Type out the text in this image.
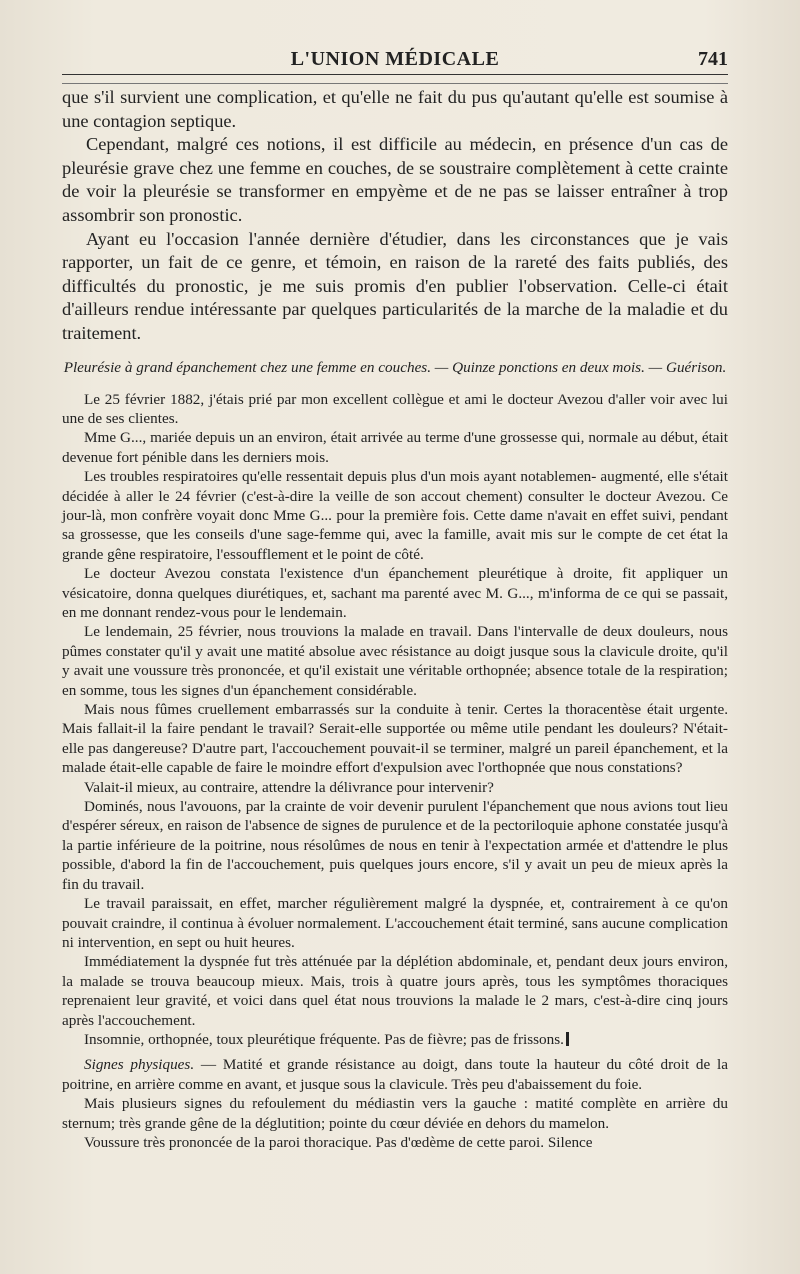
L'UNION MÉDICALE	741

que s'il survient une complication, et qu'elle ne fait du pus qu'autant qu'elle est soumise à une contagion septique.

Cependant, malgré ces notions, il est difficile au médecin, en présence d'un cas de pleurésie grave chez une femme en couches, de se soustraire complètement à cette crainte de voir la pleurésie se transformer en empyème et de ne pas se laisser entraîner à trop assombrir son pronostic.

Ayant eu l'occasion l'année dernière d'étudier, dans les circonstances que je vais rapporter, un fait de ce genre, et témoin, en raison de la rareté des faits publiés, des difficultés du pronostic, je me suis promis d'en publier l'observation. Celle-ci était d'ailleurs rendue intéressante par quelques particularités de la marche de la maladie et du traitement.

Pleurésie à grand épanchement chez une femme en couches. — Quinze ponctions en deux mois. — Guérison.

Le 25 février 1882, j'étais prié par mon excellent collègue et ami le docteur Avezou d'aller voir avec lui une de ses clientes.

Mme G..., mariée depuis un an environ, était arrivée au terme d'une grossesse qui, normale au début, était devenue fort pénible dans les derniers mois.

Les troubles respiratoires qu'elle ressentait depuis plus d'un mois ayant notablemen- augmenté, elle s'était décidée à aller le 24 février (c'est-à-dire la veille de son accout chement) consulter le docteur Avezou. Ce jour-là, mon confrère voyait donc Mme G... pour la première fois. Cette dame n'avait en effet suivi, pendant sa grossesse, que les conseils d'une sage-femme qui, avec la famille, avait mis sur le compte de cet état la grande gêne respiratoire, l'essoufflement et le point de côté.

Le docteur Avezou constata l'existence d'un épanchement pleurétique à droite, fit appliquer un vésicatoire, donna quelques diurétiques, et, sachant ma parenté avec M. G..., m'informa de ce qui se passait, en me donnant rendez-vous pour le lendemain.

Le lendemain, 25 février, nous trouvions la malade en travail. Dans l'intervalle de deux douleurs, nous pûmes constater qu'il y avait une matité absolue avec résistance au doigt jusque sous la clavicule droite, qu'il y avait une voussure très prononcée, et qu'il existait une véritable orthopnée; absence totale de la respiration; en somme, tous les signes d'un épanchement considérable.

Mais nous fûmes cruellement embarrassés sur la conduite à tenir. Certes la thoracentèse était urgente. Mais fallait-il la faire pendant le travail? Serait-elle supportée ou même utile pendant les douleurs? N'était-elle pas dangereuse? D'autre part, l'accouchement pouvait-il se terminer, malgré un pareil épanchement, et la malade était-elle capable de faire le moindre effort d'expulsion avec l'orthopnée que nous constations?

Valait-il mieux, au contraire, attendre la délivrance pour intervenir?

Dominés, nous l'avouons, par la crainte de voir devenir purulent l'épanchement que nous avions tout lieu d'espérer séreux, en raison de l'absence de signes de purulence et de la pectoriloquie aphone constatée jusqu'à la partie inférieure de la poitrine, nous résolûmes de nous en tenir à l'expectation armée et d'attendre le plus possible, d'abord la fin de l'accouchement, puis quelques jours encore, s'il y avait un peu de mieux après la fin du travail.

Le travail paraissait, en effet, marcher régulièrement malgré la dyspnée, et, contrairement à ce qu'on pouvait craindre, il continua à évoluer normalement. L'accouchement était terminé, sans aucune complication ni intervention, en sept ou huit heures.

Immédiatement la dyspnée fut très atténuée par la déplétion abdominale, et, pendant deux jours environ, la malade se trouva beaucoup mieux. Mais, trois à quatre jours après, tous les symptômes thoraciques reprenaient leur gravité, et voici dans quel état nous trouvions la malade le 2 mars, c'est-à-dire cinq jours après l'accouchement.

Insomnie, orthopnée, toux pleurétique fréquente. Pas de fièvre; pas de frissons.

Signes physiques. — Matité et grande résistance au doigt, dans toute la hauteur du côté droit de la poitrine, en arrière comme en avant, et jusque sous la clavicule. Très peu d'abaissement du foie.

Mais plusieurs signes du refoulement du médiastin vers la gauche : matité complète en arrière du sternum; très grande gêne de la déglutition; pointe du cœur déviée en dehors du mamelon.

Voussure très prononcée de la paroi thoracique. Pas d'œdème de cette paroi. Silence
